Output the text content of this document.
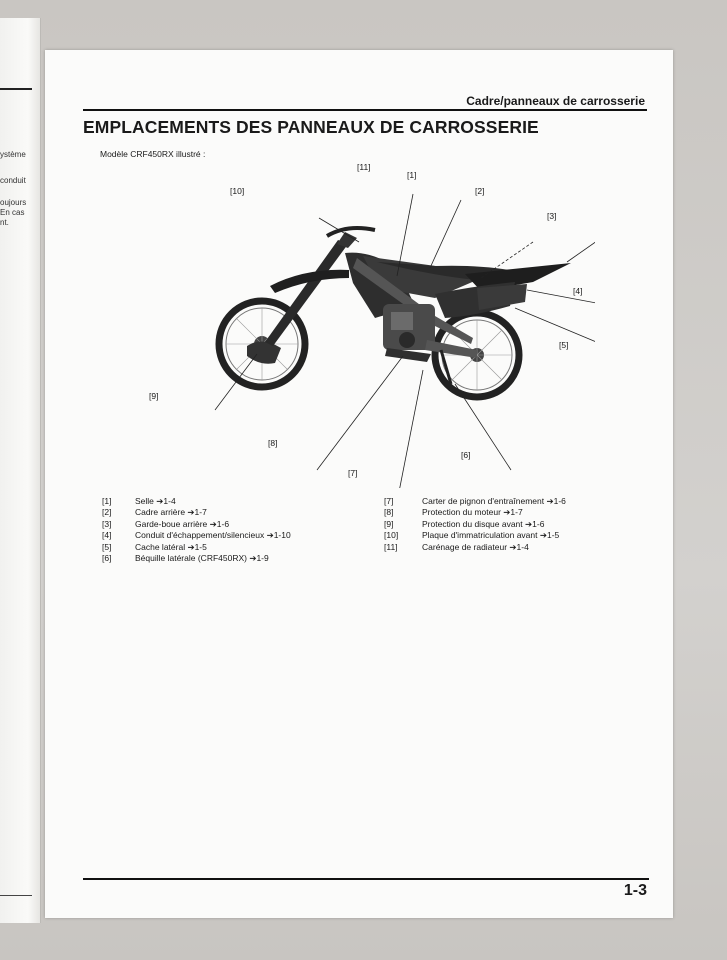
ystème
conduit
oujours
En cas
nt.
Cadre/panneaux de carrosserie
EMPLACEMENTS DES PANNEAUX DE CARROSSERIE
Modèle CRF450RX illustré :
[11]
[1]
[10]	[2]
[3]
[4]
[5]
[9]
[8]
[6]
[7]
[1]	Selle ➔1-4
[2]	Cadre arrière ➔1-7
[3]	Garde-boue arrière ➔1-6
[4]	Conduit d'échappement/silencieux ➔1-10
[5]	Cache latéral ➔1-5
[6]	Béquille latérale (CRF450RX) ➔1-9
[7]	Carter de pignon d'entraînement ➔1-6
[8]	Protection du moteur ➔1-7
[9]	Protection du disque avant ➔1-6
[10]	Plaque d'immatriculation avant ➔1-5
[11]	Carénage de radiateur ➔1-4
1-3
